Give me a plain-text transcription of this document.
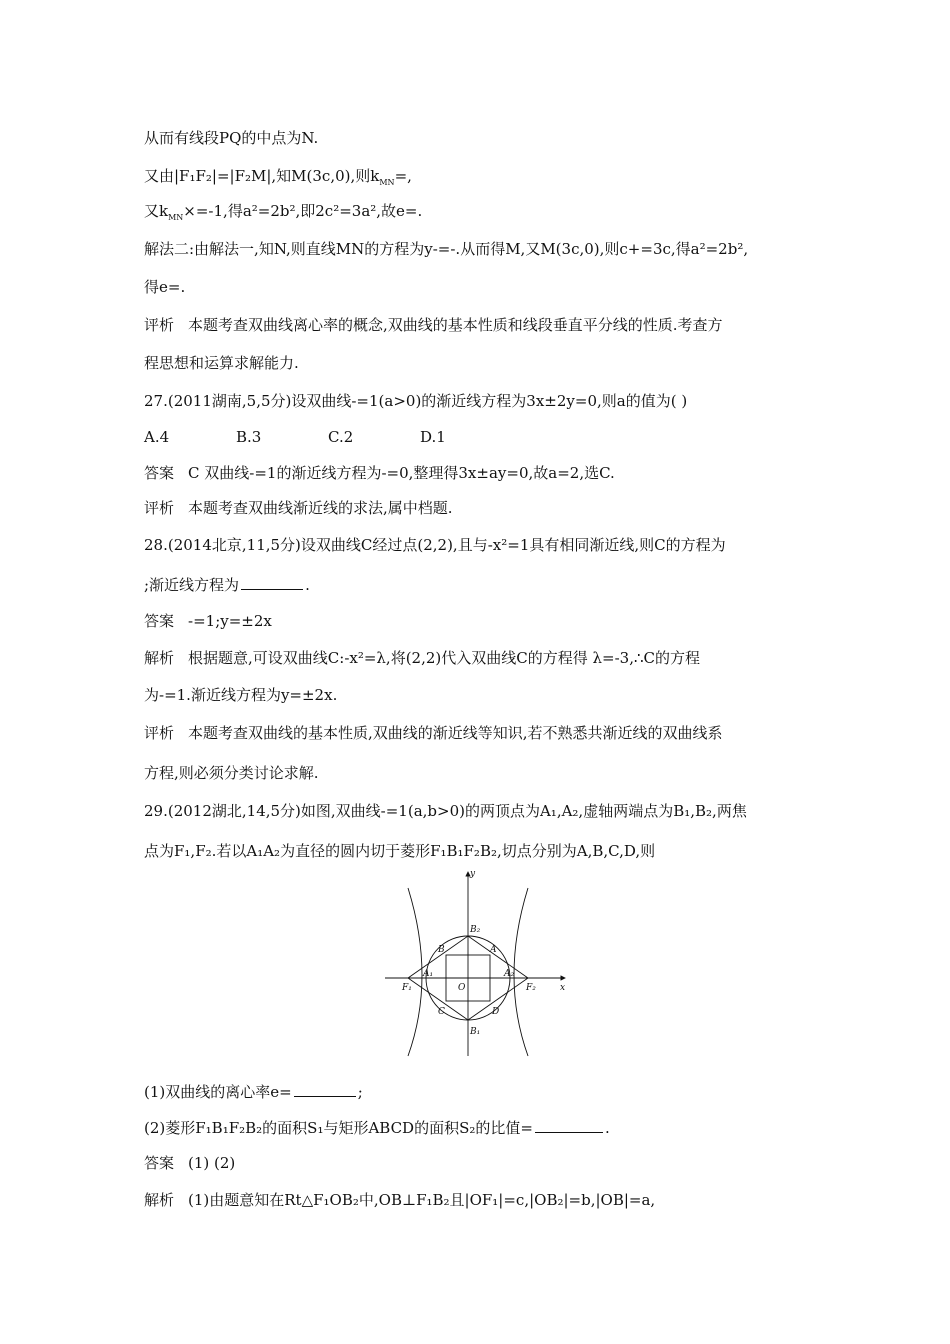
从而有线段PQ的中点为N.
又由|F₁F₂|=|F₂M|,知M(3c,0),则$k_{MN}=$,
又$k_{MN}\times=-1$,得a²=2b²,即2c²=3a²,故e=.
解法二:由解法一,知N,则直线MN的方程为y-=-.从而得M,又M(3c,0),则c+=3c,得a²=2b²,
得e=.
评析 本题考查双曲线离心率的概念,双曲线的基本性质和线段垂直平分线的性质.考查方
程思想和运算求解能力.
27.(2011湖南,5,5分)设双曲线-=1(a>0)的渐近线方程为3x±2y=0,则a的值为( )
A.4	B.3	C.2	D.1
答案 C 双曲线-=1的渐近线方程为-=0,整理得3x±ay=0,故a=2,选C.
评析 本题考查双曲线渐近线的求法,属中档题.
28.(2014北京,11,5分)设双曲线C经过点(2,2),且与-x²=1具有相同渐近线,则C的方程为
;渐近线方程为	.
答案 -=1;y=±2x
解析 根据题意,可设双曲线C:-x²=λ,将(2,2)代入双曲线C的方程得 λ=-3,∴C的方程
为-=1.渐近线方程为y=±2x.
评析 本题考查双曲线的基本性质,双曲线的渐近线等知识,若不熟悉共渐近线的双曲线系
方程,则必须分类讨论求解.
29.(2012湖北,14,5分)如图,双曲线-=1(a,b>0)的两顶点为A₁,A₂,虚轴两端点为B₁,B₂,两焦
点为F₁,F₂.若以A₁A₂为直径的圆内切于菱形F₁B₁F₂B₂,切点分别为A,B,C,D,则
y
x
B₂
B	A
A₁	A₂
F₁	F₂
O
C	D
B₁
(1)双曲线的离心率e=	;
(2)菱形F₁B₁F₂B₂的面积S₁与矩形ABCD的面积S₂的比值=	.
答案 (1) (2)
解析 (1)由题意知在Rt△F₁OB₂中,OB⊥F₁B₂且|OF₁|=c,|OB₂|=b,|OB|=a,
